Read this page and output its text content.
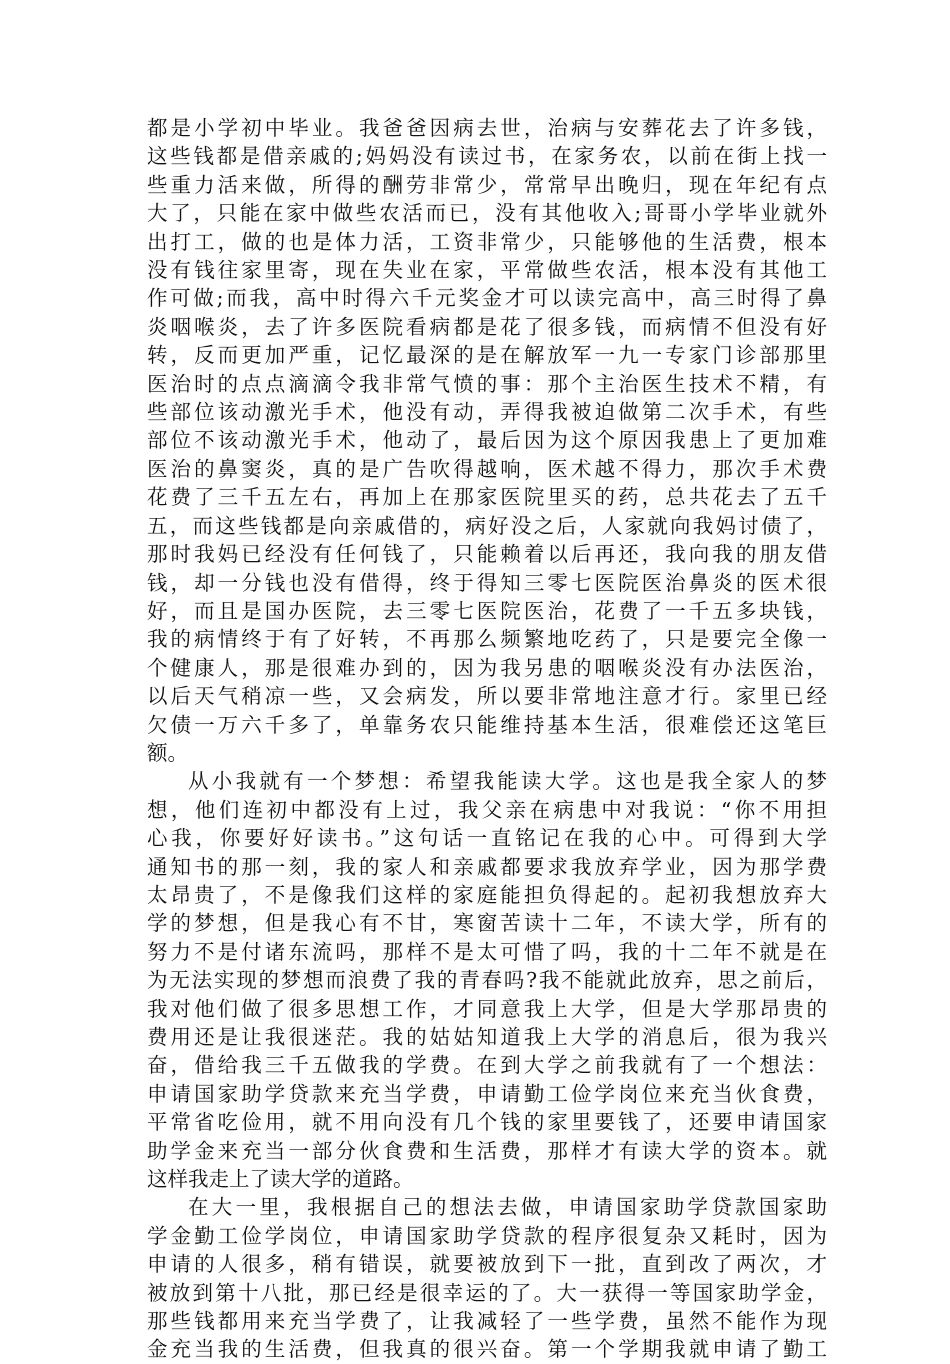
都是小学初中毕业。我爸爸因病去世，治病与安葬花去了许多钱，
这些钱都是借亲戚的;妈妈没有读过书，在家务农，以前在街上找一
些重力活来做，所得的酬劳非常少，常常早出晚归，现在年纪有点
大了，只能在家中做些农活而已，没有其他收入;哥哥小学毕业就外
出打工，做的也是体力活，工资非常少，只能够他的生活费，根本
没有钱往家里寄，现在失业在家，平常做些农活，根本没有其他工
作可做;而我，高中时得六千元奖金才可以读完高中，高三时得了鼻
炎咽喉炎，去了许多医院看病都是花了很多钱，而病情不但没有好
转，反而更加严重，记忆最深的是在解放军一九一专家门诊部那里
医治时的点点滴滴令我非常气愤的事：那个主治医生技术不精，有
些部位该动激光手术，他没有动，弄得我被迫做第二次手术，有些
部位不该动激光手术，他动了，最后因为这个原因我患上了更加难
医治的鼻窦炎，真的是广告吹得越响，医术越不得力，那次手术费
花费了三千五左右，再加上在那家医院里买的药，总共花去了五千
五，而这些钱都是向亲戚借的，病好没之后，人家就向我妈讨债了，
那时我妈已经没有任何钱了，只能赖着以后再还，我向我的朋友借
钱，却一分钱也没有借得，终于得知三零七医院医治鼻炎的医术很
好，而且是国办医院，去三零七医院医治，花费了一千五多块钱，
我的病情终于有了好转，不再那么频繁地吃药了，只是要完全像一
个健康人，那是很难办到的，因为我另患的咽喉炎没有办法医治，
以后天气稍凉一些，又会病发，所以要非常地注意才行。家里已经
欠债一万六千多了，单靠务农只能维持基本生活，很难偿还这笔巨
额。

从小我就有一个梦想：希望我能读大学。这也是我全家人的梦
想，他们连初中都没有上过，我父亲在病患中对我说：“你不用担
心我，你要好好读书。”这句话一直铭记在我的心中。可得到大学
通知书的那一刻，我的家人和亲戚都要求我放弃学业，因为那学费
太昂贵了，不是像我们这样的家庭能担负得起的。起初我想放弃大
学的梦想，但是我心有不甘，寒窗苦读十二年，不读大学，所有的
努力不是付诸东流吗，那样不是太可惜了吗，我的十二年不就是在
为无法实现的梦想而浪费了我的青春吗?我不能就此放弃，思之前后，
我对他们做了很多思想工作，才同意我上大学，但是大学那昂贵的
费用还是让我很迷茫。我的姑姑知道我上大学的消息后，很为我兴
奋，借给我三千五做我的学费。在到大学之前我就有了一个想法：
申请国家助学贷款来充当学费，申请勤工俭学岗位来充当伙食费，
平常省吃俭用，就不用向没有几个钱的家里要钱了，还要申请国家
助学金来充当一部分伙食费和生活费，那样才有读大学的资本。就
这样我走上了读大学的道路。

在大一里，我根据自己的想法去做，申请国家助学贷款国家助
学金勤工俭学岗位，申请国家助学贷款的程序很复杂又耗时，因为
申请的人很多，稍有错误，就要被放到下一批，直到改了两次，才
被放到第十八批，那已经是很幸运的了。大一获得一等国家助学金，
那些钱都用来充当学费了，让我减轻了一些学费，虽然不能作为现
金充当我的生活费，但我真的很兴奋。第一个学期我就申请了勤工
